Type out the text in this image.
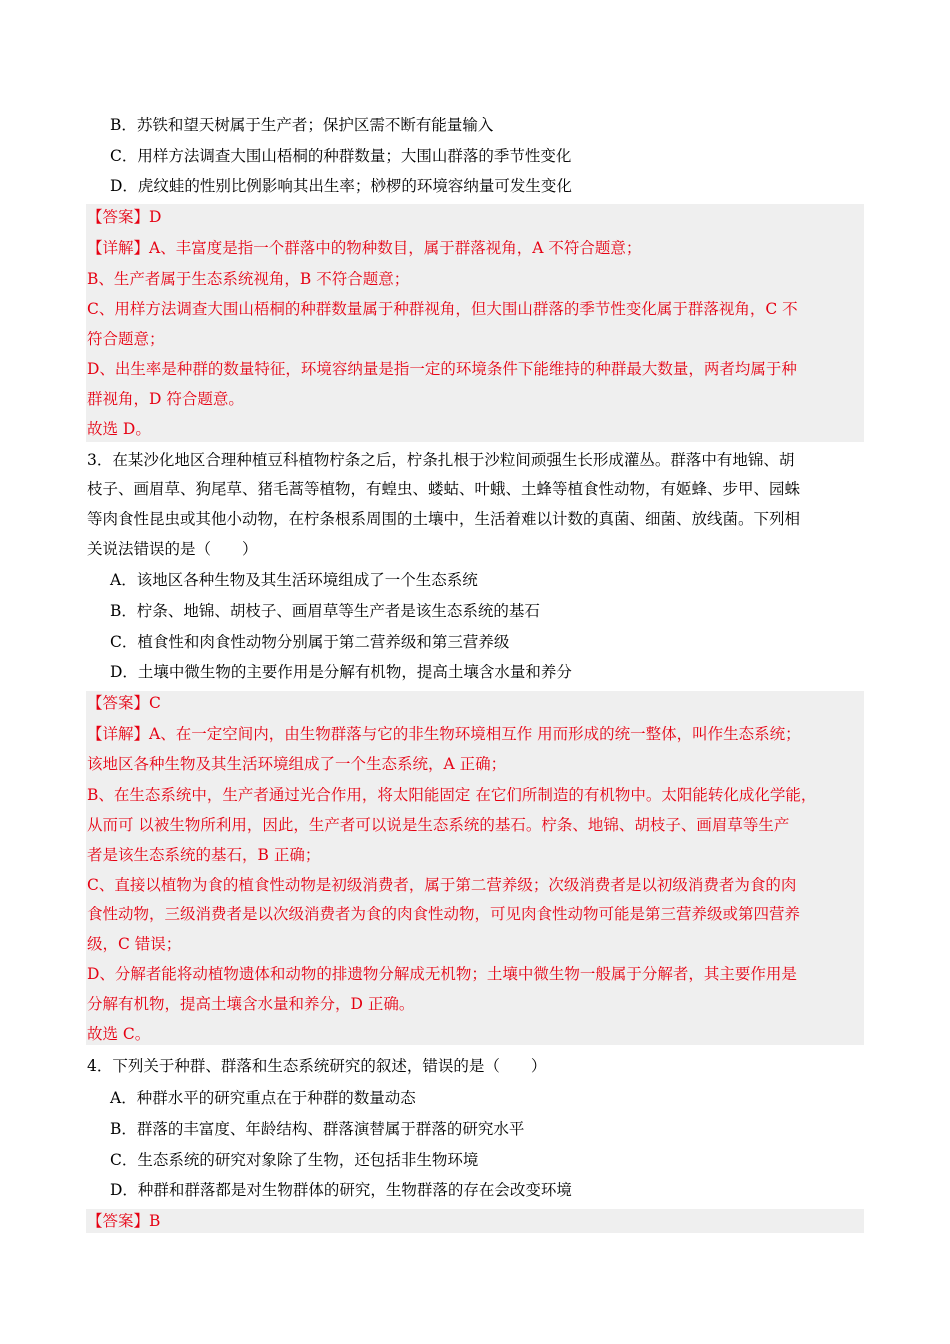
B．苏铁和望天树属于生产者；保护区需不断有能量输入
C．用样方法调查大围山梧桐的种群数量；大围山群落的季节性变化
D．虎纹蛙的性别比例影响其出生率；桫椤的环境容纳量可发生变化
【答案】D
【详解】A、丰富度是指一个群落中的物种数目，属于群落视角，A 不符合题意；
B、生产者属于生态系统视角，B 不符合题意；
C、用样方法调查大围山梧桐的种群数量属于种群视角，但大围山群落的季节性变化属于群落视角，C 不
符合题意；
D、出生率是种群的数量特征，环境容纳量是指一定的环境条件下能维持的种群最大数量，两者均属于种
群视角，D 符合题意。
故选 D。
3．在某沙化地区合理种植豆科植物柠条之后，柠条扎根于沙粒间顽强生长形成灌丛。群落中有地锦、胡
枝子、画眉草、狗尾草、猪毛蒿等植物，有蝗虫、蝼蛄、叶蛾、土蜂等植食性动物，有姬蜂、步甲、园蛛
等肉食性昆虫或其他小动物，在柠条根系周围的土壤中，生活着难以计数的真菌、细菌、放线菌。下列相
关说法错误的是（　　）
A．该地区各种生物及其生活环境组成了一个生态系统
B．柠条、地锦、胡枝子、画眉草等生产者是该生态系统的基石
C．植食性和肉食性动物分别属于第二营养级和第三营养级
D．土壤中微生物的主要作用是分解有机物，提高土壤含水量和养分
【答案】C
【详解】A、在一定空间内，由生物群落与它的非生物环境相互作 用而形成的统一整体，叫作生态系统；
该地区各种生物及其生活环境组成了一个生态系统，A 正确；
B、在生态系统中，生产者通过光合作用，将太阳能固定 在它们所制造的有机物中。太阳能转化成化学能，
从而可 以被生物所利用，因此，生产者可以说是生态系统的基石。柠条、地锦、胡枝子、画眉草等生产
者是该生态系统的基石，B 正确；
C、直接以植物为食的植食性动物是初级消费者，属于第二营养级；次级消费者是以初级消费者为食的肉
食性动物，三级消费者是以次级消费者为食的肉食性动物，可见肉食性动物可能是第三营养级或第四营养
级，C 错误；
D、分解者能将动植物遗体和动物的排遗物分解成无机物；土壤中微生物一般属于分解者，其主要作用是
分解有机物，提高土壤含水量和养分，D 正确。
故选 C。
4．下列关于种群、群落和生态系统研究的叙述，错误的是（　　）
A．种群水平的研究重点在于种群的数量动态
B．群落的丰富度、年龄结构、群落演替属于群落的研究水平
C．生态系统的研究对象除了生物，还包括非生物环境
D．种群和群落都是对生物群体的研究，生物群落的存在会改变环境
【答案】B
